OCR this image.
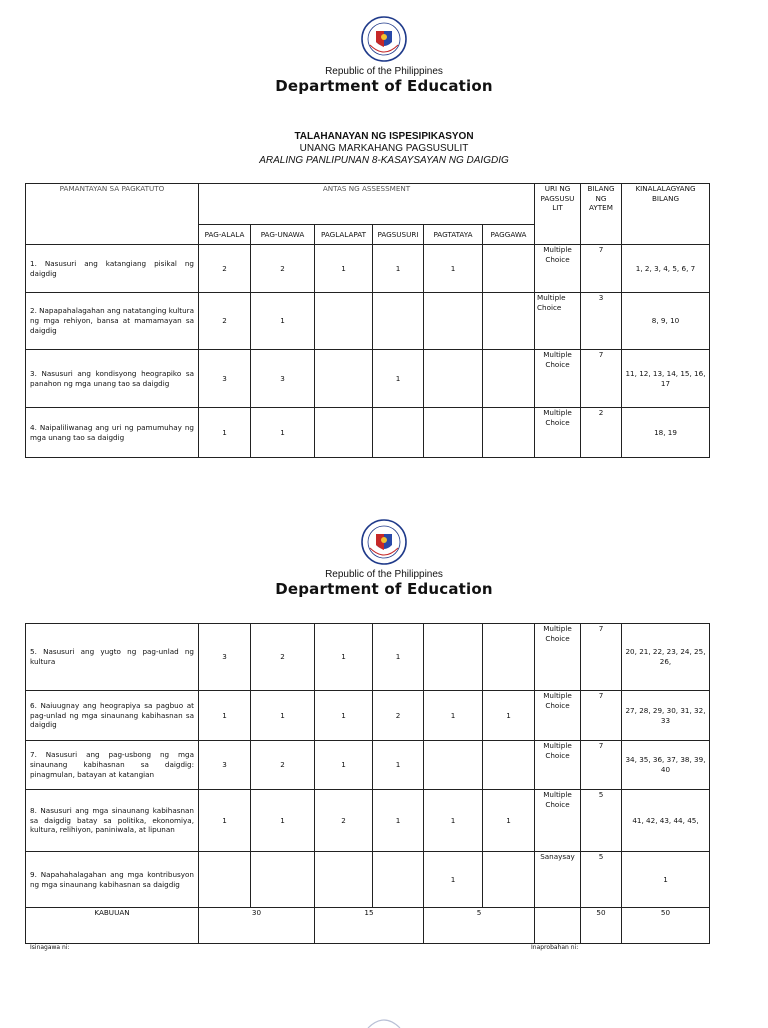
Republic of the Philippines
Department of Education
TALAHANAYAN NG ISPESIPIKASYON
UNANG MARKAHANG PAGSUSULIT
ARALING PANLIPUNAN 8-KASAYSAYAN NG DAIGDIG
PAMANTAYAN SA PAGKATUTO	ANTAS NG ASSESSMENT						URI NG PAGSUSU LIT	BILANG NG AYTEM	KINALALAGYANG BILANG
	PAG-ALALA	PAG-UNAWA	PAGLALAPAT	PAGSUSURI	PAGTATAYA	PAGGAWA			
1. Nasusuri ang katangiang pisikal ng daigdig	2	2	1	1	1		Multiple Choice	7	1, 2, 3, 4, 5, 6, 7
2. Napapahalagahan ang natatanging kultura ng mga rehiyon, bansa at mamamayan sa daigdig	2	1					Multiple Choice	3	8, 9, 10
3. Nasusuri ang kondisyong heograpiko sa panahon ng mga unang tao sa daigdig	3	3		1			Multiple Choice	7	11, 12, 13, 14, 15, 16, 17
4. Naipaliliwanag ang uri ng pamumuhay ng mga unang tao sa daigdig	1	1					Multiple Choice	2	18, 19
Republic of the Philippines
Department of Education
5. Nasusuri ang yugto ng pag-unlad ng kultura	3	2	1	1			Multiple Choice	7	20, 21, 22, 23, 24, 25, 26,
6. Naiuugnay ang heograpiya sa pagbuo at pag-unlad ng mga sinaunang kabihasnan sa daigdig	1	1	1	2	1	1	Multiple Choice	7	27, 28, 29, 30, 31, 32, 33
7. Nasusuri ang pag-usbong ng mga sinaunang kabihasnan sa daigdig: pinagmulan, batayan at katangian	3	2	1	1			Multiple Choice	7	34, 35, 36, 37, 38, 39, 40
8. Nasusuri ang mga sinaunang kabihasnan sa daigdig batay sa politika, ekonomiya, kultura, relihiyon, paniniwala, at lipunan	1	1	2	1	1	1	Multiple Choice	5	41, 42, 43, 44, 45,
9. Napahahalagahan ang mga kontribusyon ng mga sinaunang kabihasnan sa daigdig					1		Sanaysay	5	1
KABUUAN	30		15		5			50	50
Isinagawa ni:	Inaprobahan ni:
